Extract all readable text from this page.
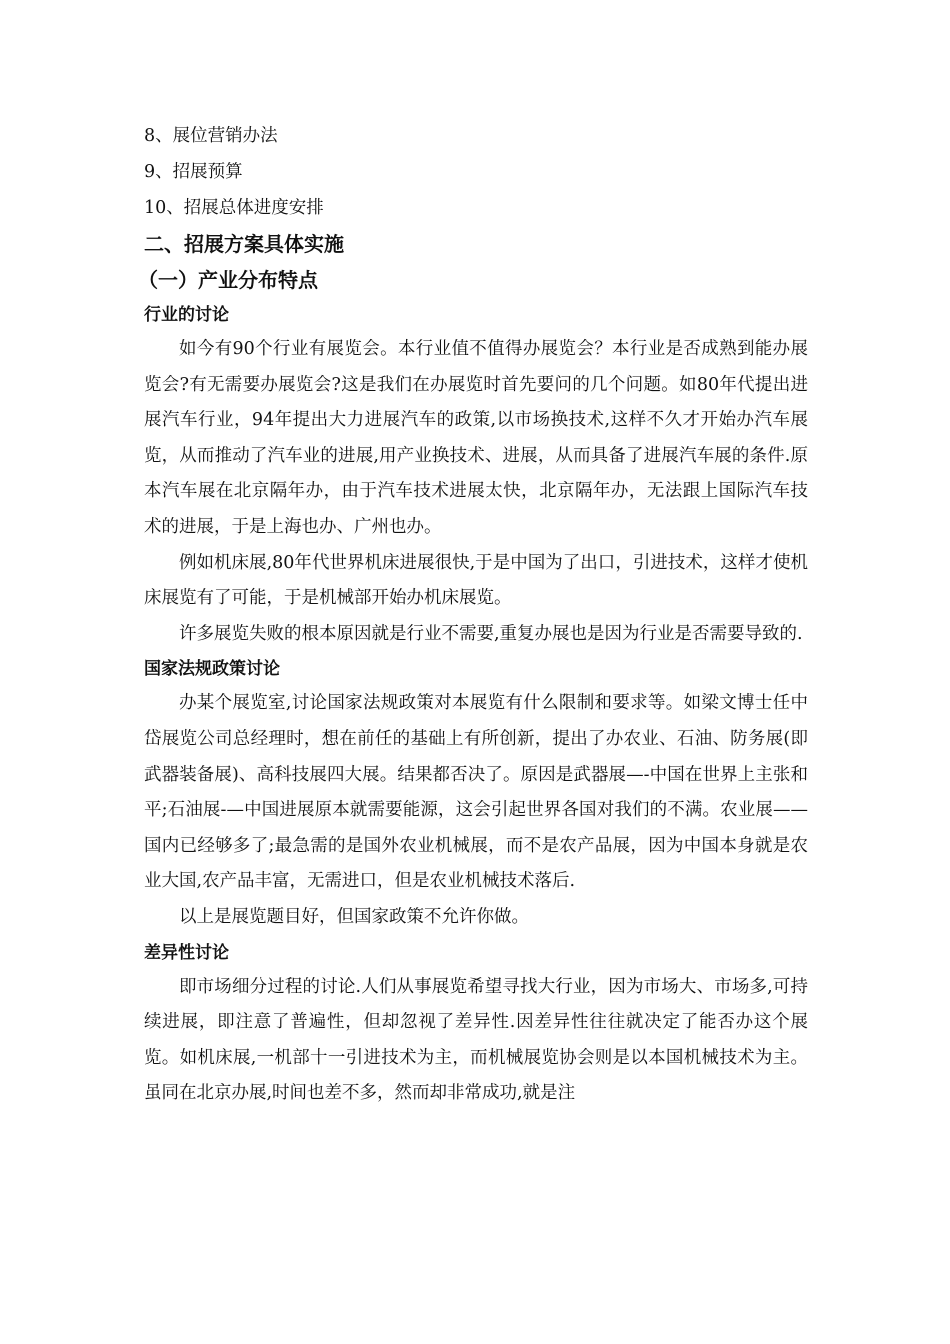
8、展位营销办法
9、招展预算
10、招展总体进度安排
二、招展方案具体实施
（一）产业分布特点
行业的讨论

如今有90个行业有展览会。本行业值不值得办展览会？本行业是否成熟到能办展览会?有无需要办展览会?这是我们在办展览时首先要问的几个问题。如80年代提出进展汽车行业，94年提出大力进展汽车的政策,以市场换技术,这样不久才开始办汽车展览，从而推动了汽车业的进展,用产业换技术、进展，从而具备了进展汽车展的条件.原本汽车展在北京隔年办，由于汽车技术进展太快，北京隔年办，无法跟上国际汽车技术的进展，于是上海也办、广州也办。

例如机床展,80年代世界机床进展很快,于是中国为了出口，引进技术，这样才使机床展览有了可能，于是机械部开始办机床展览。

许多展览失败的根本原因就是行业不需要,重复办展也是因为行业是否需要导致的.

国家法规政策讨论

办某个展览室,讨论国家法规政策对本展览有什么限制和要求等。如梁文博士任中岱展览公司总经理时，想在前任的基础上有所创新，提出了办农业、石油、防务展(即武器装备展)、高科技展四大展。结果都否决了。原因是武器展—-中国在世界上主张和平;石油展-—中国进展原本就需要能源，这会引起世界各国对我们的不满。农业展——国内已经够多了;最急需的是国外农业机械展，而不是农产品展，因为中国本身就是农业大国,农产品丰富，无需进口，但是农业机械技术落后.

以上是展览题目好，但国家政策不允许你做。

差异性讨论

即市场细分过程的讨论.人们从事展览希望寻找大行业，因为市场大、市场多,可持续进展，即注意了普遍性，但却忽视了差异性.因差异性往往就决定了能否办这个展览。如机床展,一机部十一引进技术为主，而机械展览协会则是以本国机械技术为主。虽同在北京办展,时间也差不多，然而却非常成功,就是注
